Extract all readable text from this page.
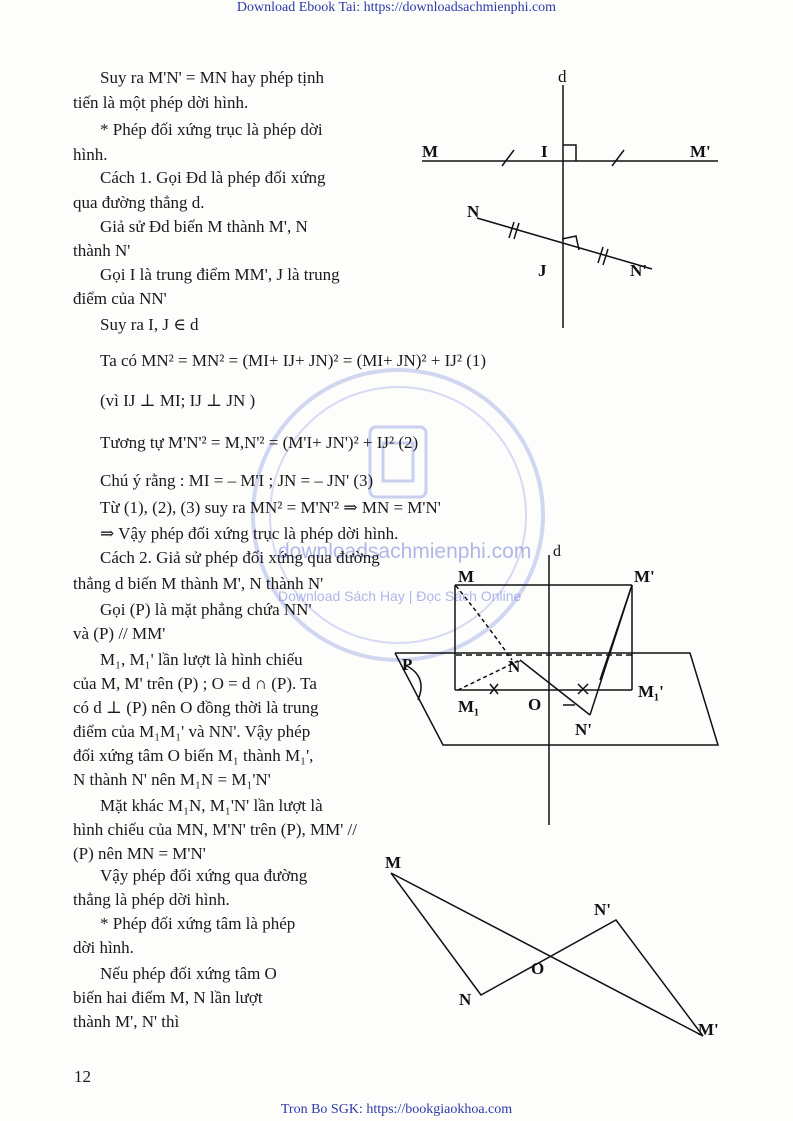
Download Ebook Tai: https://downloadsachmienphi.com
downloadsachmienphi.com
Download Sách Hay | Đọc Sách Online
Suy ra M'N' = MN hay phép tịnh
tiến là một phép dời hình.
* Phép đối xứng trục là phép dời
hình.
Cách 1. Gọi Đ⁤d là phép đối xứng
qua đường thẳng d.
Giả sử Đd biến M thành M', N
thành N'
Gọi I là trung điểm MM', J là trung
điểm của NN'
Suy ra I, J ∈ d
Ta có MN² = MN² = (MI+ IJ+ JN)² = (MI+ JN)² + IJ² (1)
(vì IJ ⊥ MI; IJ ⊥ JN )
Tương tự M'N'² = M,N'² = (M'I+ JN')² + IJ² (2)
Chú ý rằng : MI = – M'I ; JN = – JN' (3)
Từ (1), (2), (3) suy ra MN² = M'N'² ⇒ MN = M'N'
⇒ Vậy phép đối xứng trục là phép dời hình.
Cách 2. Giả sử phép đối xứng qua đường
thẳng d biến M thành M', N thành N'
Gọi (P) là mặt phẳng chứa NN'
và (P) // MM'
M₁, M₁' lần lượt là hình chiếu
của M, M' trên (P) ; O = d ∩ (P). Ta
có d ⊥ (P) nên O đồng thời là trung
điểm của M₁M₁' và NN'. Vậy phép
đối xứng tâm O biến M₁ thành M₁',
N thành N' nên M₁N = M₁'N'
Mặt khác M₁N, M₁'N' lần lượt là
hình chiếu của MN, M'N' trên (P), MM' //
(P) nên MN = M'N'
Vậy phép đối xứng qua đường
thẳng là phép dời hình.
* Phép đối xứng tâm là phép
dời hình.
Nếu phép đối xứng tâm O
biến hai điểm M, N lần lượt
thành M', N' thì
d
M	I	M'
N
J	N'
d
M	M'
P	N
M₁	O
M₁'
N'
M
N'
O
N
M'
12
Tron Bo SGK: https://bookgiaokhoa.com
